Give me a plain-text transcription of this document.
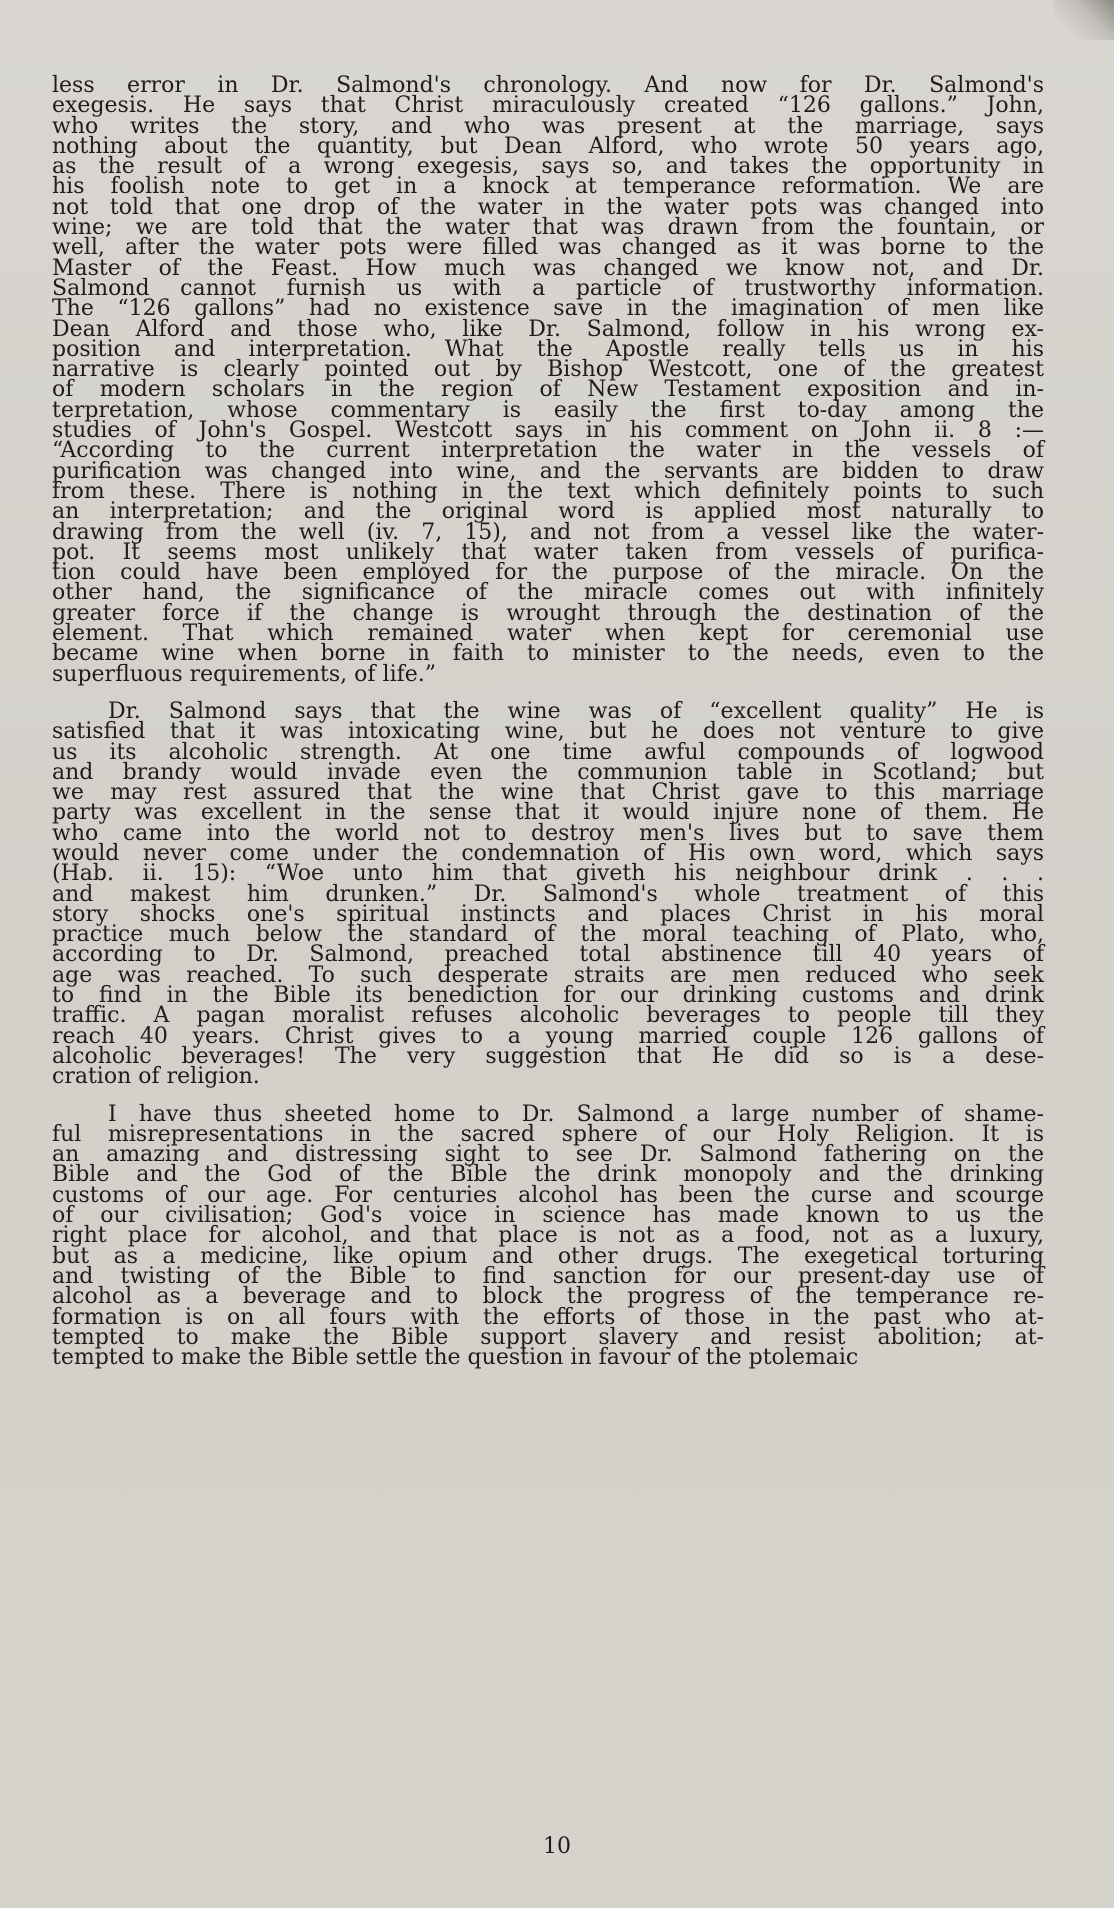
less error in Dr. Salmond's chronology. And now for Dr. Salmond's
exegesis. He says that Christ miraculously created “126 gallons.” John,
who writes the story, and who was present at the marriage, says
nothing about the quantity, but Dean Alford, who wrote 50 years ago,
as the result of a wrong exegesis, says so, and takes the opportunity in
his foolish note to get in a knock at temperance reformation. We are
not told that one drop of the water in the water pots was changed into
wine; we are told that the water that was drawn from the fountain, or
well, after the water pots were filled was changed as it was borne to the
Master of the Feast. How much was changed we know not, and Dr.
Salmond cannot furnish us with a particle of trustworthy information.
The “126 gallons” had no existence save in the imagination of men like
Dean Alford and those who, like Dr. Salmond, follow in his wrong ex-
position and interpretation. What the Apostle really tells us in his
narrative is clearly pointed out by Bishop Westcott, one of the greatest
of modern scholars in the region of New Testament exposition and in-
terpretation, whose commentary is easily the first to-day among the
studies of John's Gospel. Westcott says in his comment on John ii. 8 :—
“According to the current interpretation the water in the vessels of
purification was changed into wine, and the servants are bidden to draw
from these. There is nothing in the text which definitely points to such
an interpretation; and the original word is applied most naturally to
drawing from the well (iv. 7, 15), and not from a vessel like the water-
pot. It seems most unlikely that water taken from vessels of purifica-
tion could have been employed for the purpose of the miracle. On the
other hand, the significance of the miracle comes out with infinitely
greater force if the change is wrought through the destination of the
element. That which remained water when kept for ceremonial use
became wine when borne in faith to minister to the needs, even to the
superfluous requirements, of life.”
Dr. Salmond says that the wine was of “excellent quality” He is
satisfied that it was intoxicating wine, but he does not venture to give
us its alcoholic strength. At one time awful compounds of logwood
and brandy would invade even the communion table in Scotland; but
we may rest assured that the wine that Christ gave to this marriage
party was excellent in the sense that it would injure none of them. He
who came into the world not to destroy men's lives but to save them
would never come under the condemnation of His own word, which says
(Hab. ii. 15): “Woe unto him that giveth his neighbour drink . . .
and makest him drunken.” Dr. Salmond's whole treatment of this
story shocks one's spiritual instincts and places Christ in his moral
practice much below the standard of the moral teaching of Plato, who,
according to Dr. Salmond, preached total abstinence till 40 years of
age was reached. To such desperate straits are men reduced who seek
to find in the Bible its benediction for our drinking customs and drink
traffic. A pagan moralist refuses alcoholic beverages to people till they
reach 40 years. Christ gives to a young married couple 126 gallons of
alcoholic beverages! The very suggestion that He did so is a dese-
cration of religion.
I have thus sheeted home to Dr. Salmond a large number of shame-
ful misrepresentations in the sacred sphere of our Holy Religion. It is
an amazing and distressing sight to see Dr. Salmond fathering on the
Bible and the God of the Bible the drink monopoly and the drinking
customs of our age. For centuries alcohol has been the curse and scourge
of our civilisation; God's voice in science has made known to us the
right place for alcohol, and that place is not as a food, not as a luxury,
but as a medicine, like opium and other drugs. The exegetical torturing
and twisting of the Bible to find sanction for our present-day use of
alcohol as a beverage and to block the progress of the temperance re-
formation is on all fours with the efforts of those in the past who at-
tempted to make the Bible support slavery and resist abolition; at-
tempted to make the Bible settle the question in favour of the ptolemaic
10
